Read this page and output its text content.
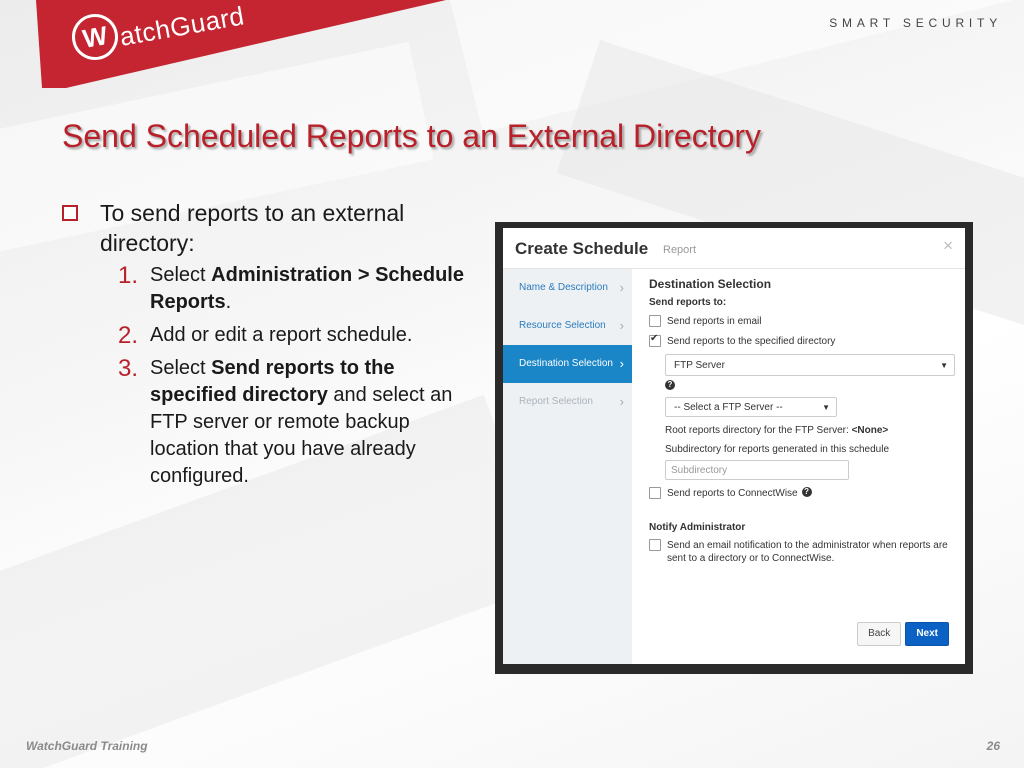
W atchGuard	SMART SECURITY
Send Scheduled Reports to an External Directory
To send reports to an external directory:
1. Select Administration > Schedule Reports.
2. Add or edit a report schedule.
3. Select Send reports to the specified directory and select an FTP server or remote backup location that you have already configured.
Create Schedule Report	×
Name & Description ›
Resource Selection ›
Destination Selection ›
Report Selection ›
Destination Selection
Send reports to:
Send reports in email
✔
Send reports to the specified directory
FTP Server	▼
?
-- Select a FTP Server --	▼
Root reports directory for the FTP Server: <None>
Subdirectory for reports generated in this schedule
Subdirectory
Send reports to ConnectWise ?
Notify Administrator
Send an email notification to the administrator when reports are sent to a directory or to ConnectWise.
Back	Next
WatchGuard Training	26
